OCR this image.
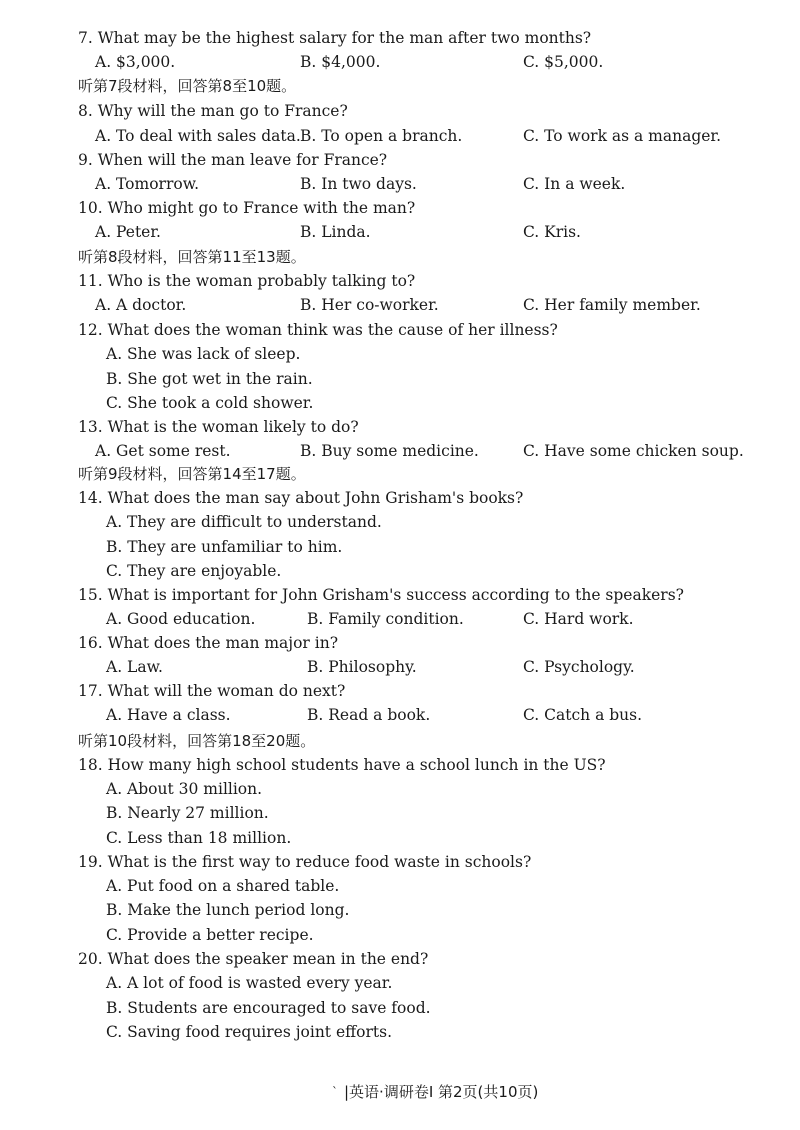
7. What may be the highest salary for the man after two months?
A. $3,000.	B. $4,000.	C. $5,000.
听第7段材料，回答第8至10题。
8. Why will the man go to France?
A. To deal with sales data. B. To open a branch.	C. To work as a manager.
9. When will the man leave for France?
A. Tomorrow.	B. In two days.	C. In a week.
10. Who might go to France with the man?
A. Peter.	B. Linda.	C. Kris.
听第8段材料，回答第11至13题。
11. Who is the woman probably talking to?
A. A doctor.	B. Her co-worker.	C. Her family member.
12. What does the woman think was the cause of her illness?
A. She was lack of sleep.
B. She got wet in the rain.
C. She took a cold shower.
13. What is the woman likely to do?
A. Get some rest.	B. Buy some medicine.	C. Have some chicken soup.
听第9段材料，回答第14至17题。
14. What does the man say about John Grisham's books?
A. They are difficult to understand.
B. They are unfamiliar to him.
C. They are enjoyable.
15. What is important for John Grisham's success according to the speakers?
A. Good education.	B. Family condition.	C. Hard work.
16. What does the man major in?
A. Law.	B. Philosophy.	C. Psychology.
17. What will the woman do next?
A. Have a class.	B. Read a book.	C. Catch a bus.
听第10段材料，回答第18至20题。
18. How many high school students have a school lunch in the US?
A. About 30 million.
B. Nearly 27 million.
C. Less than 18 million.
19. What is the first way to reduce food waste in schools?
A. Put food on a shared table.
B. Make the lunch period long.
C. Provide a better recipe.
20. What does the speaker mean in the end?
A. A lot of food is wasted every year.
B. Students are encouraged to save food.
C. Saving food requires joint efforts.
` |英语·调研卷Ⅰ 第2页(共10页)
